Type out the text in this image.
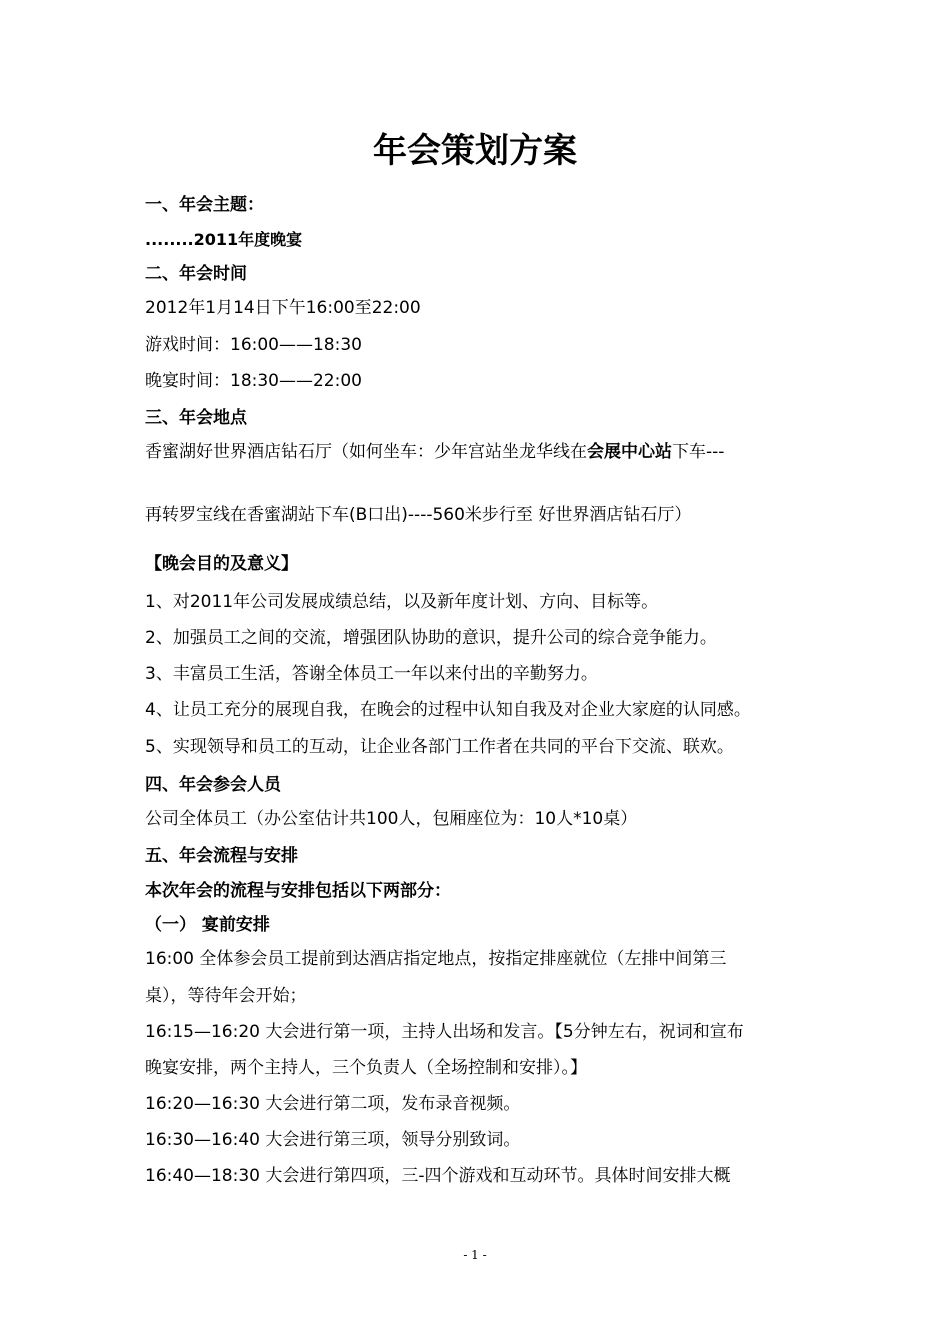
年会策划方案
一、年会主题：
........2011年度晚宴
二、年会时间
2012年1月14日下午16:00至22:00
游戏时间：16:00——18:30
晚宴时间：18:30——22:00
三、年会地点
香蜜湖好世界酒店钻石厅（如何坐车：少年宫站坐龙华线在会展中心站下车---
再转罗宝线在香蜜湖站下车(B口出)----560米步行至 好世界酒店钻石厅）
【晚会目的及意义】
1、对2011年公司发展成绩总结，以及新年度计划、方向、目标等。
2、加强员工之间的交流，增强团队协助的意识，提升公司的综合竞争能力。
3、丰富员工生活，答谢全体员工一年以来付出的辛勤努力。
4、让员工充分的展现自我，在晚会的过程中认知自我及对企业大家庭的认同感。
5、实现领导和员工的互动，让企业各部门工作者在共同的平台下交流、联欢。
四、年会参会人员
公司全体员工（办公室估计共100人，包厢座位为：10人*10桌）
五、年会流程与安排
本次年会的流程与安排包括以下两部分：
（一） 宴前安排
16:00 全体参会员工提前到达酒店指定地点，按指定排座就位（左排中间第三
桌），等待年会开始；
16:15—16:20 大会进行第一项，主持人出场和发言。【5分钟左右，祝词和宣布
晚宴安排，两个主持人，三个负责人（全场控制和安排）。】
16:20—16:30 大会进行第二项，发布录音视频。
16:30—16:40 大会进行第三项，领导分别致词。
16:40—18:30 大会进行第四项，三-四个游戏和互动环节。具体时间安排大概
- 1 -
